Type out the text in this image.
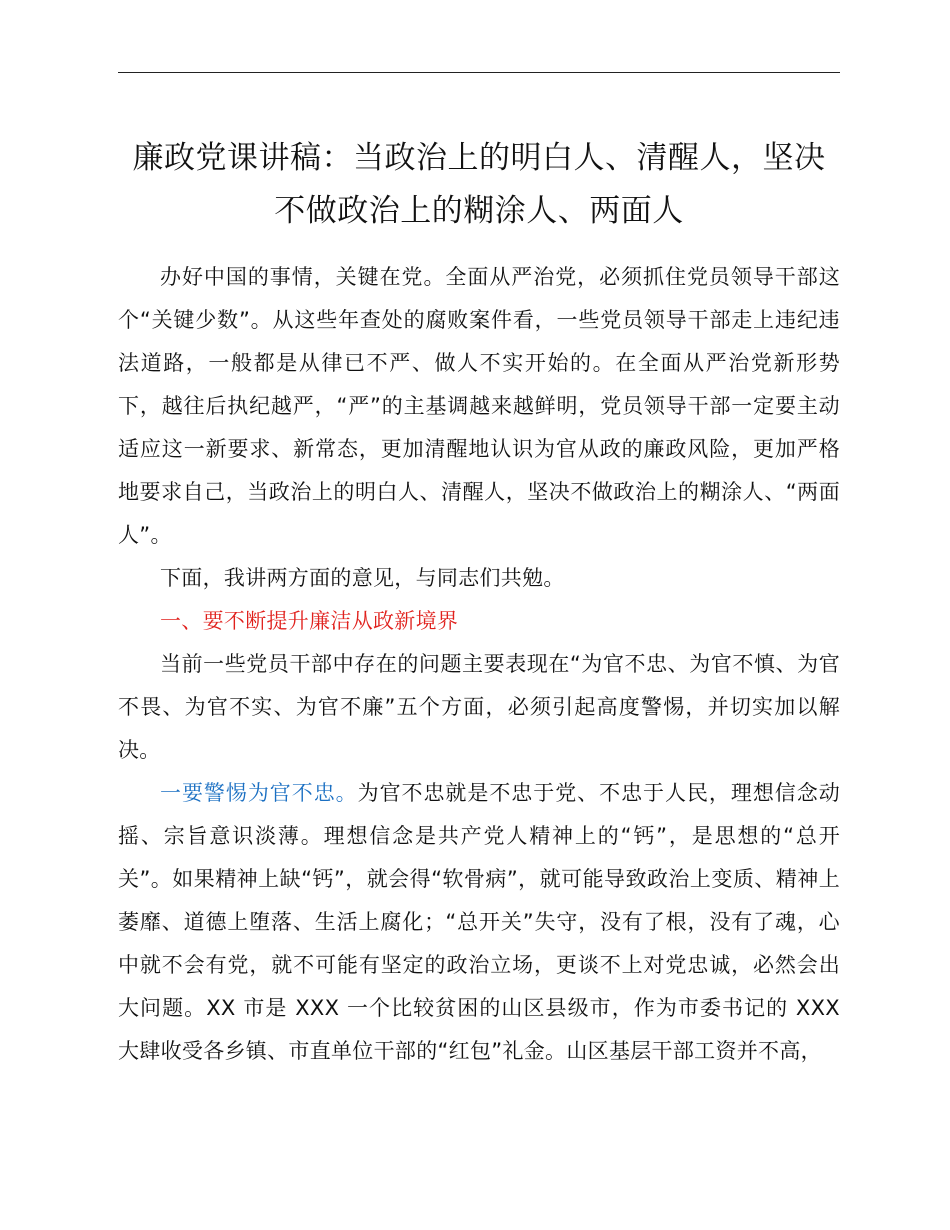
廉政党课讲稿：当政治上的明白人、清醒人，坚决不做政治上的糊涂人、两面人

办好中国的事情，关键在党。全面从严治党，必须抓住党员领导干部这个“关键少数”。从这些年查处的腐败案件看，一些党员领导干部走上违纪违法道路，一般都是从律已不严、做人不实开始的。在全面从严治党新形势下，越往后执纪越严，“严”的主基调越来越鲜明，党员领导干部一定要主动适应这一新要求、新常态，更加清醒地认识为官从政的廉政风险，更加严格地要求自己，当政治上的明白人、清醒人，坚决不做政治上的糊涂人、“两面人”。

下面，我讲两方面的意见，与同志们共勉。

一、要不断提升廉洁从政新境界

当前一些党员干部中存在的问题主要表现在“为官不忠、为官不慎、为官不畏、为官不实、为官不廉”五个方面，必须引起高度警惕，并切实加以解决。

一要警惕为官不忠。为官不忠就是不忠于党、不忠于人民，理想信念动摇、宗旨意识淡薄。理想信念是共产党人精神上的“钙”，是思想的“总开关”。如果精神上缺“钙”，就会得“软骨病”，就可能导致政治上变质、精神上萎靡、道德上堕落、生活上腐化；“总开关”失守，没有了根，没有了魂，心中就不会有党，就不可能有坚定的政治立场，更谈不上对党忠诚，必然会出大问题。XX 市是 XXX 一个比较贫困的山区县级市，作为市委书记的 XXX 大肆收受各乡镇、市直单位干部的“红包”礼金。山区基层干部工资并不高，
